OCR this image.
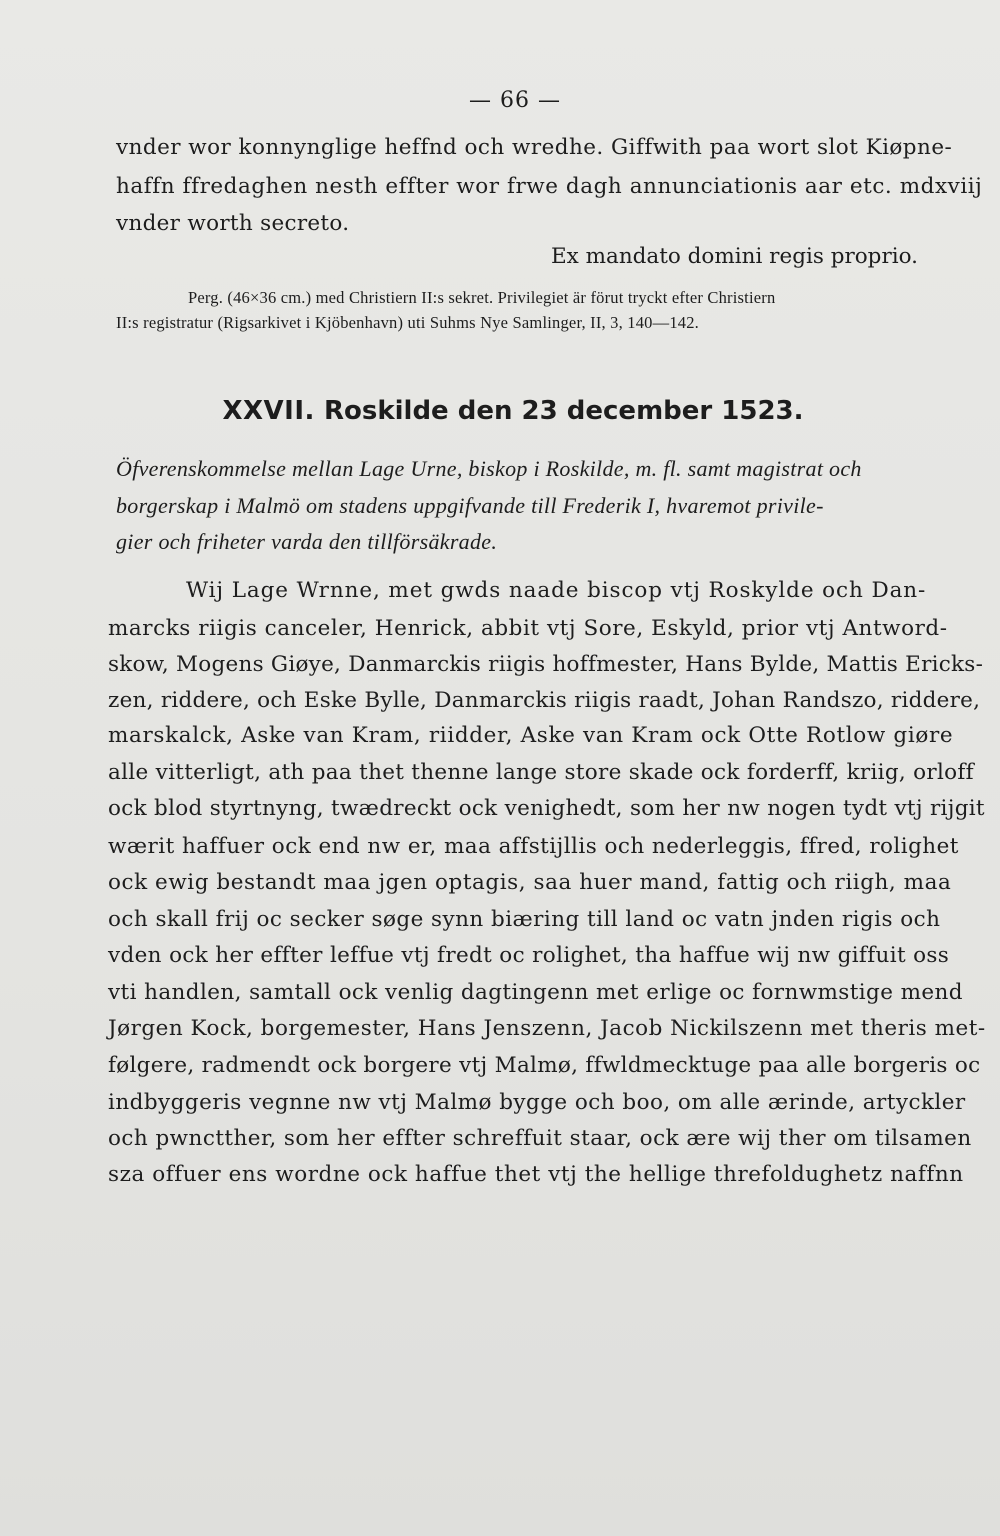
— 66 —
vnder wor konnynglige heffnd och wredhe. Giffwith paa wort slot Kiøpne-
haffn ffredaghen nesth effter wor frwe dagh annunciationis aar etc. mdxviij
vnder worth secreto.
Ex mandato domini regis proprio.
Perg. (46×36 cm.) med Christiern II:s sekret. Privilegiet är förut tryckt efter Christiern
II:s registratur (Rigsarkivet i Kjöbenhavn) uti Suhms Nye Samlinger, II, 3, 140—142.
XXVII. Roskilde den 23 december 1523.
Öfverenskommelse mellan Lage Urne, biskop i Roskilde, m. fl. samt magistrat och
borgerskap i Malmö om stadens uppgifvande till Frederik I, hvaremot privile-
gier och friheter varda den tillförsäkrade.
Wij Lage Wrnne, met gwds naade biscop vtj Roskylde och Dan-
marcks riigis canceler, Henrick, abbit vtj Sore, Eskyld, prior vtj Antword-
skow, Mogens Giøye, Danmarckis riigis hoffmester, Hans Bylde, Mattis Ericks-
zen, riddere, och Eske Bylle, Danmarckis riigis raadt, Johan Randszo, riddere,
marskalck, Aske van Kram, riidder, Aske van Kram ock Otte Rotlow giøre
alle vitterligt, ath paa thet thenne lange store skade ock forderff, kriig, orloff
ock blod styrtnyng, twædreckt ock venighedt, som her nw nogen tydt vtj rijgit
wærit haffuer ock end nw er, maa affstijllis och nederleggis, ffred, rolighet
ock ewig bestandt maa jgen optagis, saa huer mand, fattig och riigh, maa
och skall frij oc secker søge synn biæring till land oc vatn jnden rigis och
vden ock her effter leffue vtj fredt oc rolighet, tha haffue wij nw giffuit oss
vti handlen, samtall ock venlig dagtingenn met erlige oc fornwmstige mend
Jørgen Kock, borgemester, Hans Jenszenn, Jacob Nickilszenn met theris met-
følgere, radmendt ock borgere vtj Malmø, ffwldmecktuge paa alle borgeris oc
indbyggeris vegnne nw vtj Malmø bygge och boo, om alle ærinde, artyckler
och pwnctther, som her effter schreffuit staar, ock ære wij ther om tilsamen
sza offuer ens wordne ock haffue thet vtj the hellige threfoldughetz naffnn
